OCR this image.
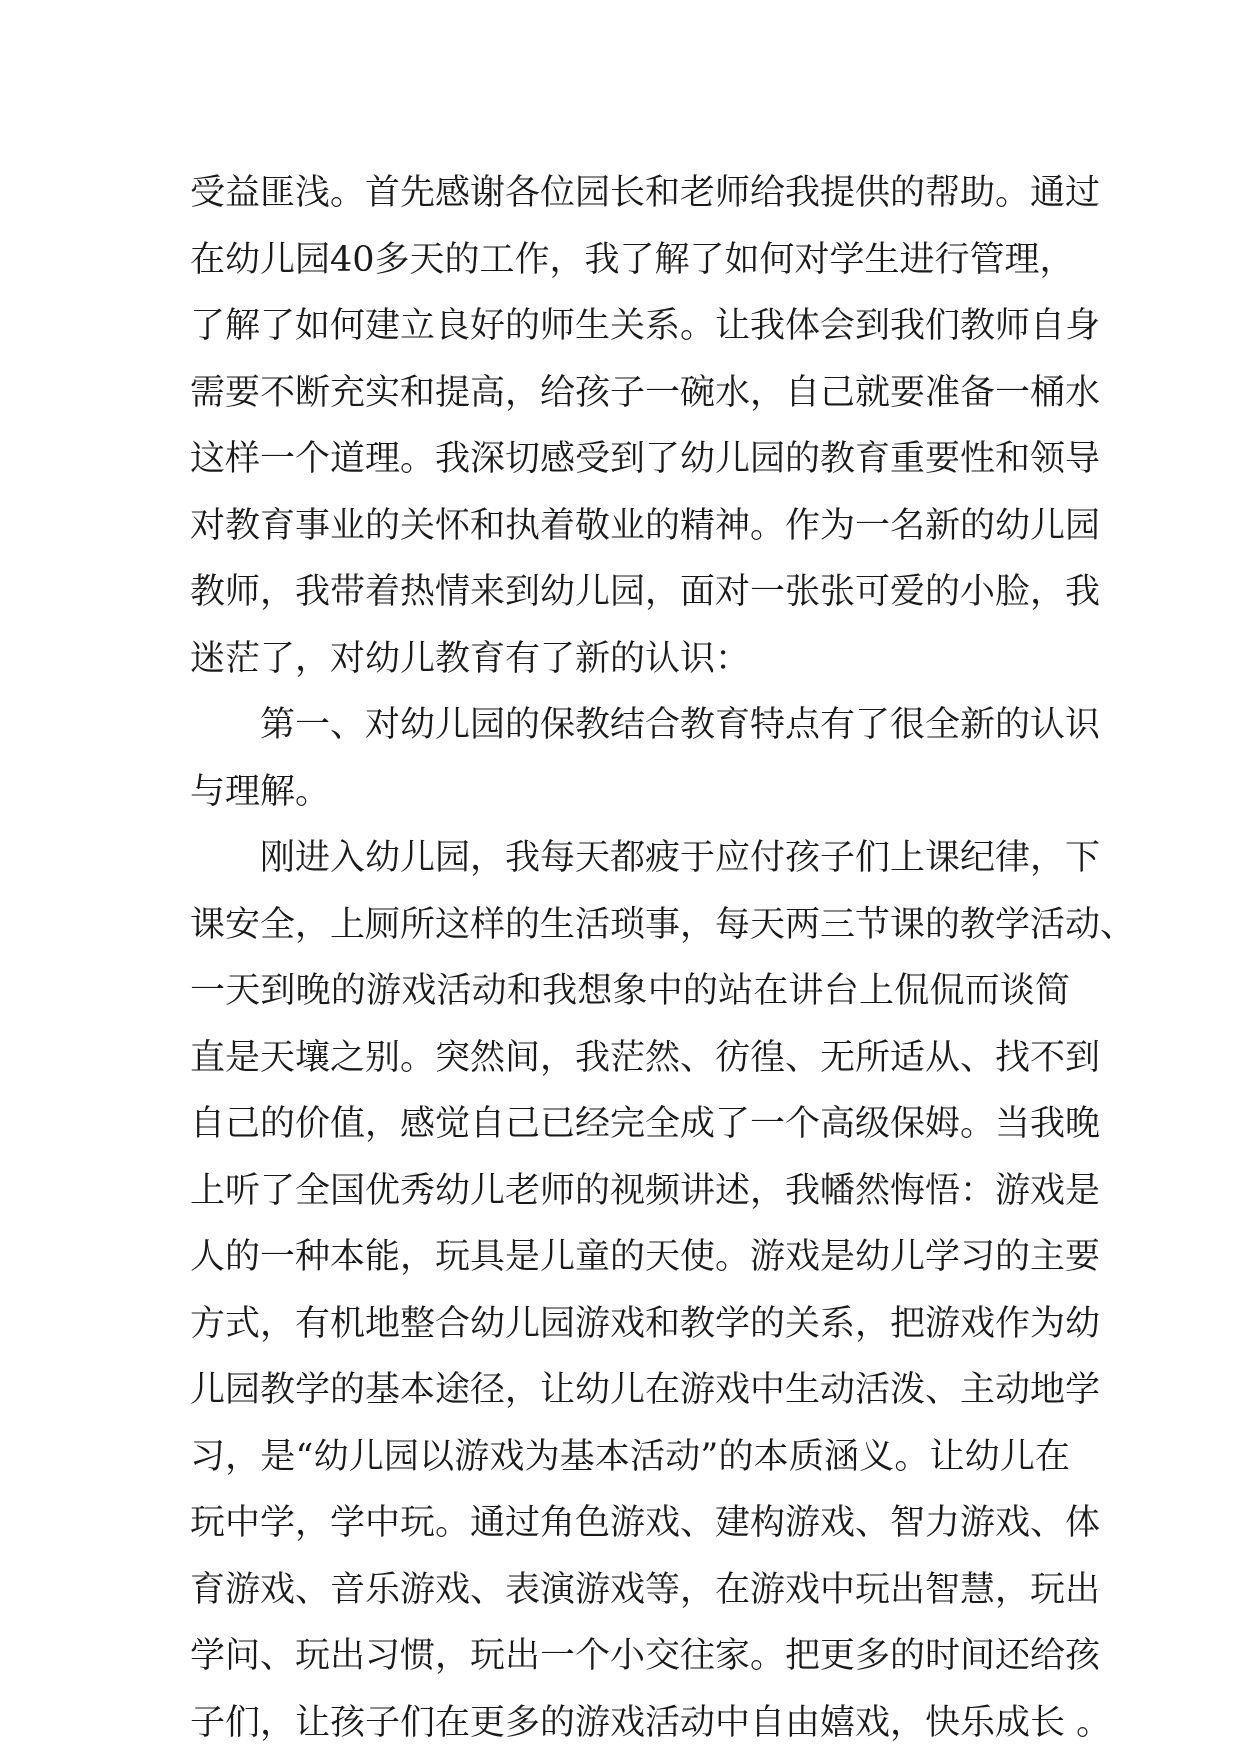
受益匪浅。首先感谢各位园长和老师给我提供的帮助。通过
在幼儿园40多天的工作，我了解了如何对学生进行管理，
了解了如何建立良好的师生关系。让我体会到我们教师自身
需要不断充实和提高，给孩子一碗水，自己就要准备一桶水
这样一个道理。我深切感受到了幼儿园的教育重要性和领导
对教育事业的关怀和执着敬业的精神。作为一名新的幼儿园
教师，我带着热情来到幼儿园，面对一张张可爱的小脸，我
迷茫了，对幼儿教育有了新的认识：
第一、对幼儿园的保教结合教育特点有了很全新的认识
与理解。
刚进入幼儿园，我每天都疲于应付孩子们上课纪律，下
课安全，上厕所这样的生活琐事，每天两三节课的教学活动、
一天到晚的游戏活动和我想象中的站在讲台上侃侃而谈简
直是天壤之别。突然间，我茫然、彷徨、无所适从、找不到
自己的价值，感觉自己已经完全成了一个高级保姆。当我晚
上听了全国优秀幼儿老师的视频讲述，我幡然悔悟：游戏是
人的一种本能，玩具是儿童的天使。游戏是幼儿学习的主要
方式，有机地整合幼儿园游戏和教学的关系，把游戏作为幼
儿园教学的基本途径，让幼儿在游戏中生动活泼、主动地学
习，是“幼儿园以游戏为基本活动”的本质涵义。让幼儿在
玩中学，学中玩。通过角色游戏、建构游戏、智力游戏、体
育游戏、音乐游戏、表演游戏等，在游戏中玩出智慧，玩出
学问、玩出习惯，玩出一个小交往家。把更多的时间还给孩
子们，让孩子们在更多的游戏活动中自由嬉戏，快乐成长 。
